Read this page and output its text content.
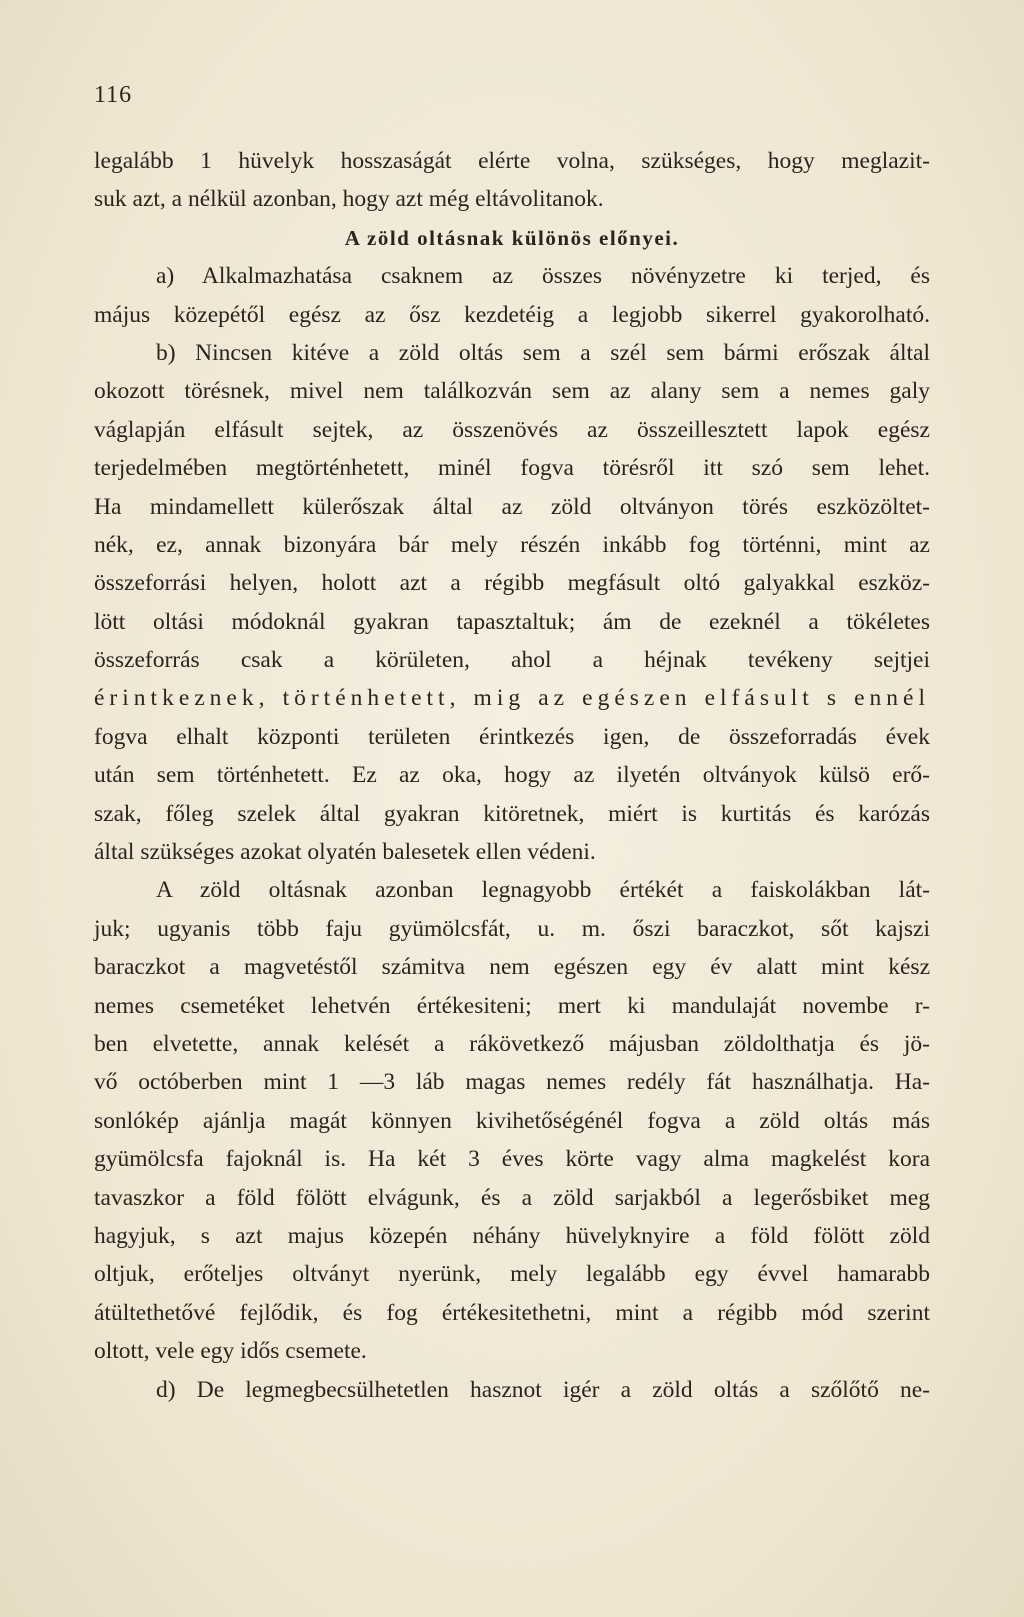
116
legalább 1 hüvelyk hosszaságát elérte volna, szükséges, hogy meglazit-
suk azt, a nélkül azonban, hogy azt még eltávolitanok.
A zöld oltásnak különös előnyei.
a) Alkalmazhatása csaknem az összes növényzetre ki terjed, és
május közepétől egész az ősz kezdetéig a legjobb sikerrel gyakorolható.
b) Nincsen kitéve a zöld oltás sem a szél sem bármi erőszak által
okozott törésnek, mivel nem találkozván sem az alany sem a nemes galy
váglapján elfásult sejtek, az összenövés az összeillesztett lapok egész
terjedelmében megtörténhetett, minél fogva törésről itt szó sem lehet.
Ha mindamellett külerőszak által az zöld oltványon törés eszközöltet-
nék, ez, annak bizonyára bár mely részén inkább fog történni, mint az
összeforrási helyen, holott azt a régibb megfásult oltó galyakkal eszköz-
lött oltási módoknál gyakran tapasztaltuk; ám de ezeknél a tökéletes
összeforrás csak a körületen, ahol a héjnak tevékeny sejtjei
érintkeznek, történhetett, mig az egészen elfásult s ennél
fogva elhalt központi területen érintkezés igen, de összeforradás évek
után sem történhetett. Ez az oka, hogy az ilyetén oltványok külsö erő-
szak, főleg szelek által gyakran kitöretnek, miért is kurtitás és karózás
által szükséges azokat olyatén balesetek ellen védeni.
A zöld oltásnak azonban legnagyobb értékét a faiskolákban lát-
juk; ugyanis több faju gyümölcsfát, u. m. őszi baraczkot, sőt kajszi
baraczkot a magvetéstől számitva nem egészen egy év alatt mint kész
nemes csemetéket lehetvén értékesiteni; mert ki mandulaját novembe r-
ben elvetette, annak kelését a rákövetkező májusban zöldolthatja és jö-
vő octóberben mint 1 —3 láb magas nemes redély fát használhatja. Ha-
sonlókép ajánlja magát könnyen kivihetőségénél fogva a zöld oltás más
gyümölcsfa fajoknál is. Ha két 3 éves körte vagy alma magkelést kora
tavaszkor a föld fölött elvágunk, és a zöld sarjakból a legerősbiket meg
hagyjuk, s azt majus közepén néhány hüvelyknyire a föld fölött zöld
oltjuk, erőteljes oltványt nyerünk, mely legalább egy évvel hamarabb
átültethetővé fejlődik, és fog értékesitethetni, mint a régibb mód szerint
oltott, vele egy idős csemete.
d) De legmegbecsülhetetlen hasznot igér a zöld oltás a szőlőtő ne-
